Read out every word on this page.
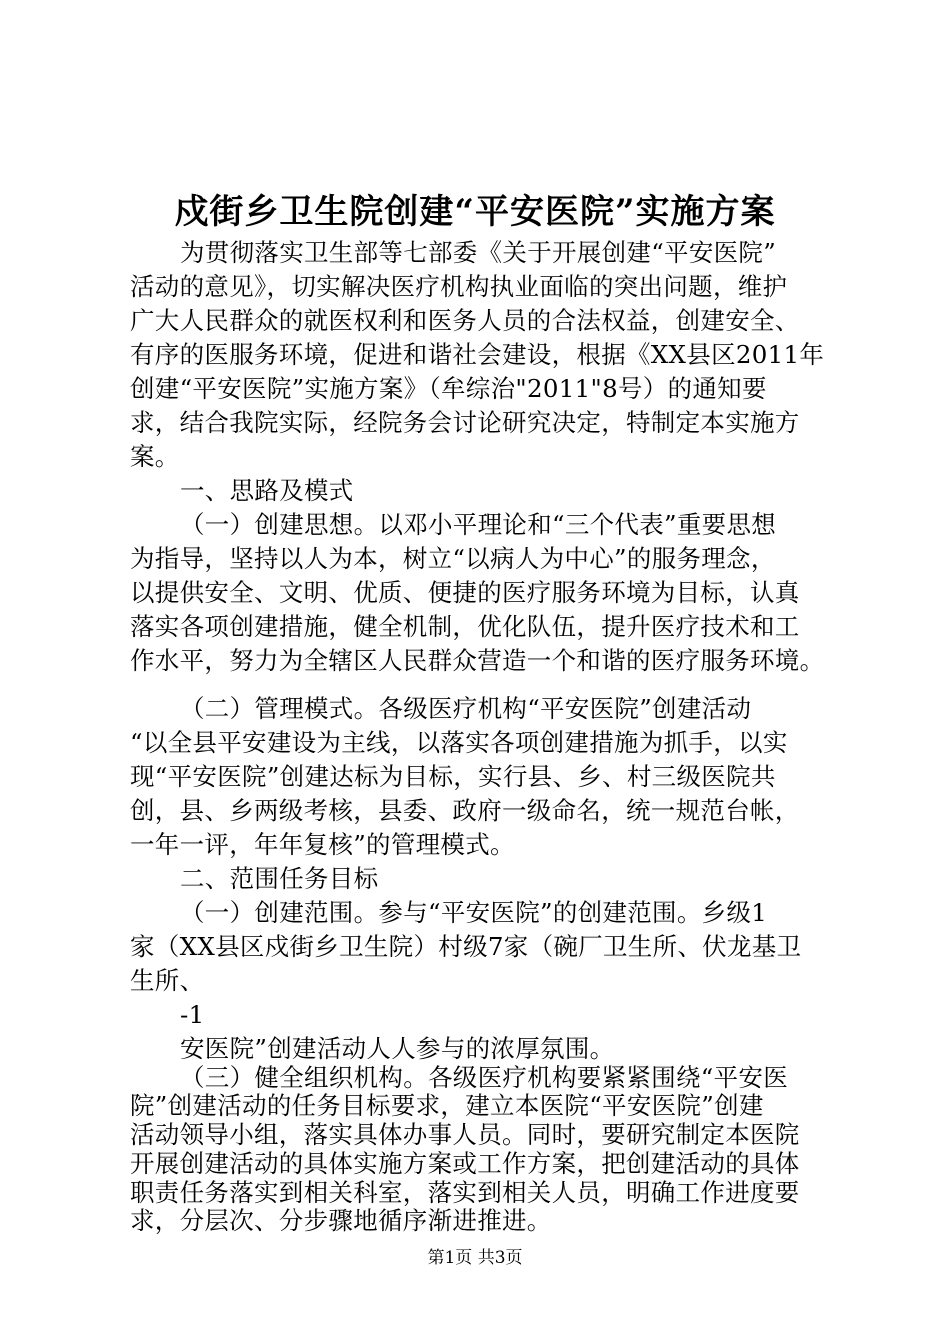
戍街乡卫生院创建“平安医院”实施方案
为贯彻落实卫生部等七部委《关于开展创建“平安医院”
活动的意见》，切实解决医疗机构执业面临的突出问题，维护
广大人民群众的就医权利和医务人员的合法权益，创建安全、
有序的医服务环境，促进和谐社会建设，根据《XX县区2011年
创建“平安医院”实施方案》（牟综治"2011"8号）的通知要
求，结合我院实际，经院务会讨论研究决定，特制定本实施方
案。
一、思路及模式
（一）创建思想。以邓小平理论和“三个代表”重要思想
为指导，坚持以人为本，树立“以病人为中心”的服务理念，
以提供安全、文明、优质、便捷的医疗服务环境为目标，认真
落实各项创建措施，健全机制，优化队伍，提升医疗技术和工
作水平，努力为全辖区人民群众营造一个和谐的医疗服务环境。
（二）管理模式。各级医疗机构“平安医院”创建活动
“以全县平安建设为主线，以落实各项创建措施为抓手，以实
现“平安医院”创建达标为目标，实行县、乡、村三级医院共
创，县、乡两级考核，县委、政府一级命名，统一规范台帐，
一年一评，年年复核”的管理模式。
二、范围任务目标
（一）创建范围。参与“平安医院”的创建范围。乡级1
家（XX县区戍街乡卫生院）村级7家（碗厂卫生所、伏龙基卫
生所、
-1
安医院”创建活动人人参与的浓厚氛围。
（三）健全组织机构。各级医疗机构要紧紧围绕“平安医
院”创建活动的任务目标要求，建立本医院“平安医院”创建
活动领导小组，落实具体办事人员。同时，要研究制定本医院
开展创建活动的具体实施方案或工作方案，把创建活动的具体
职责任务落实到相关科室，落实到相关人员，明确工作进度要
第1页 共3页
求，分层次、分步骤地循序渐进推进。
